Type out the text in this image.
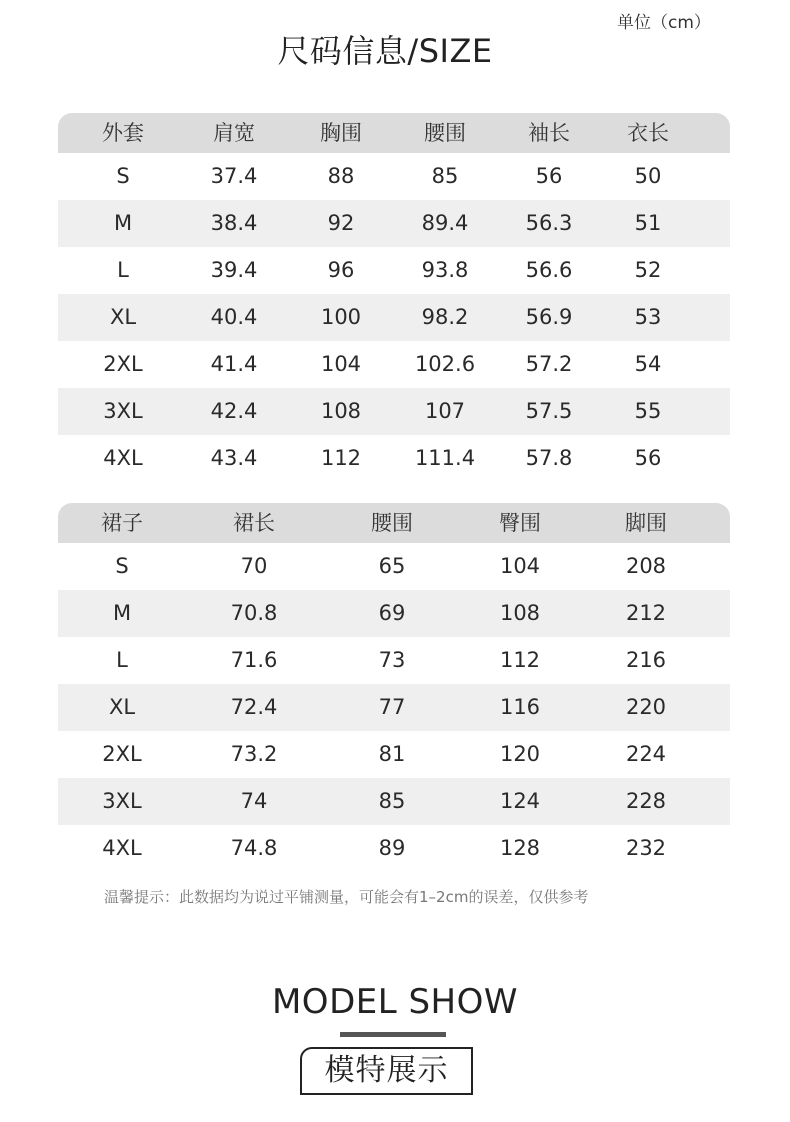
单位（cm）
尺码信息/SIZE
外套	肩宽	胸围	腰围	袖长	衣长
S	37.4	88	85	56	50
M	38.4	92	89.4	56.3	51
L	39.4	96	93.8	56.6	52
XL	40.4	100	98.2	56.9	53
2XL	41.4	104	102.6	57.2	54
3XL	42.4	108	107	57.5	55
4XL	43.4	112	111.4	57.8	56
裙子	裙长	腰围	臀围	脚围
S	70	65	104	208
M	70.8	69	108	212
L	71.6	73	112	216
XL	72.4	77	116	220
2XL	73.2	81	120	224
3XL	74	85	124	228
4XL	74.8	89	128	232
温馨提示：此数据均为说过平铺测量，可能会有1–2cm的误差，仅供参考
MODEL SHOW
模特展示
